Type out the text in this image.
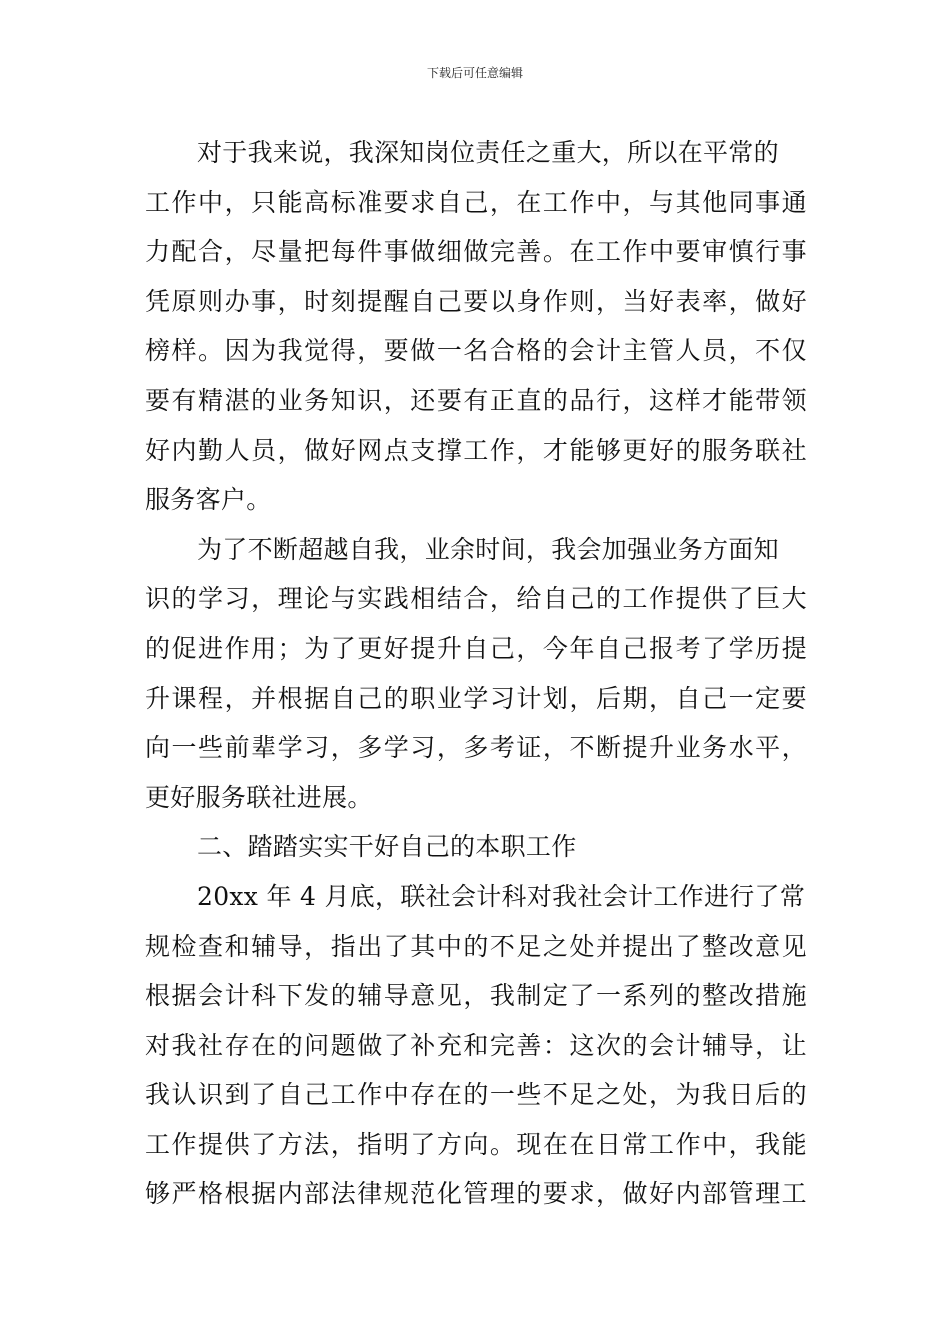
下载后可任意编辑
对于我来说，我深知岗位责任之重大，所以在平常的
工作中，只能高标准要求自己，在工作中，与其他同事通
力配合，尽量把每件事做细做完善。在工作中要审慎行事
凭原则办事，时刻提醒自己要以身作则，当好表率，做好
榜样。因为我觉得，要做一名合格的会计主管人员，不仅
要有精湛的业务知识，还要有正直的品行，这样才能带领
好内勤人员，做好网点支撑工作，才能够更好的服务联社
服务客户。
为了不断超越自我，业余时间，我会加强业务方面知
识的学习，理论与实践相结合，给自己的工作提供了巨大
的促进作用；为了更好提升自己，今年自己报考了学历提
升课程，并根据自己的职业学习计划，后期，自己一定要
向一些前辈学习，多学习，多考证，不断提升业务水平，
更好服务联社进展。
二、踏踏实实干好自己的本职工作
20xx 年 4 月底，联社会计科对我社会计工作进行了常
规检查和辅导，指出了其中的不足之处并提出了整改意见
根据会计科下发的辅导意见，我制定了一系列的整改措施
对我社存在的问题做了补充和完善：这次的会计辅导，让
我认识到了自己工作中存在的一些不足之处，为我日后的
工作提供了方法，指明了方向。现在在日常工作中，我能
够严格根据内部法律规范化管理的要求，做好内部管理工
